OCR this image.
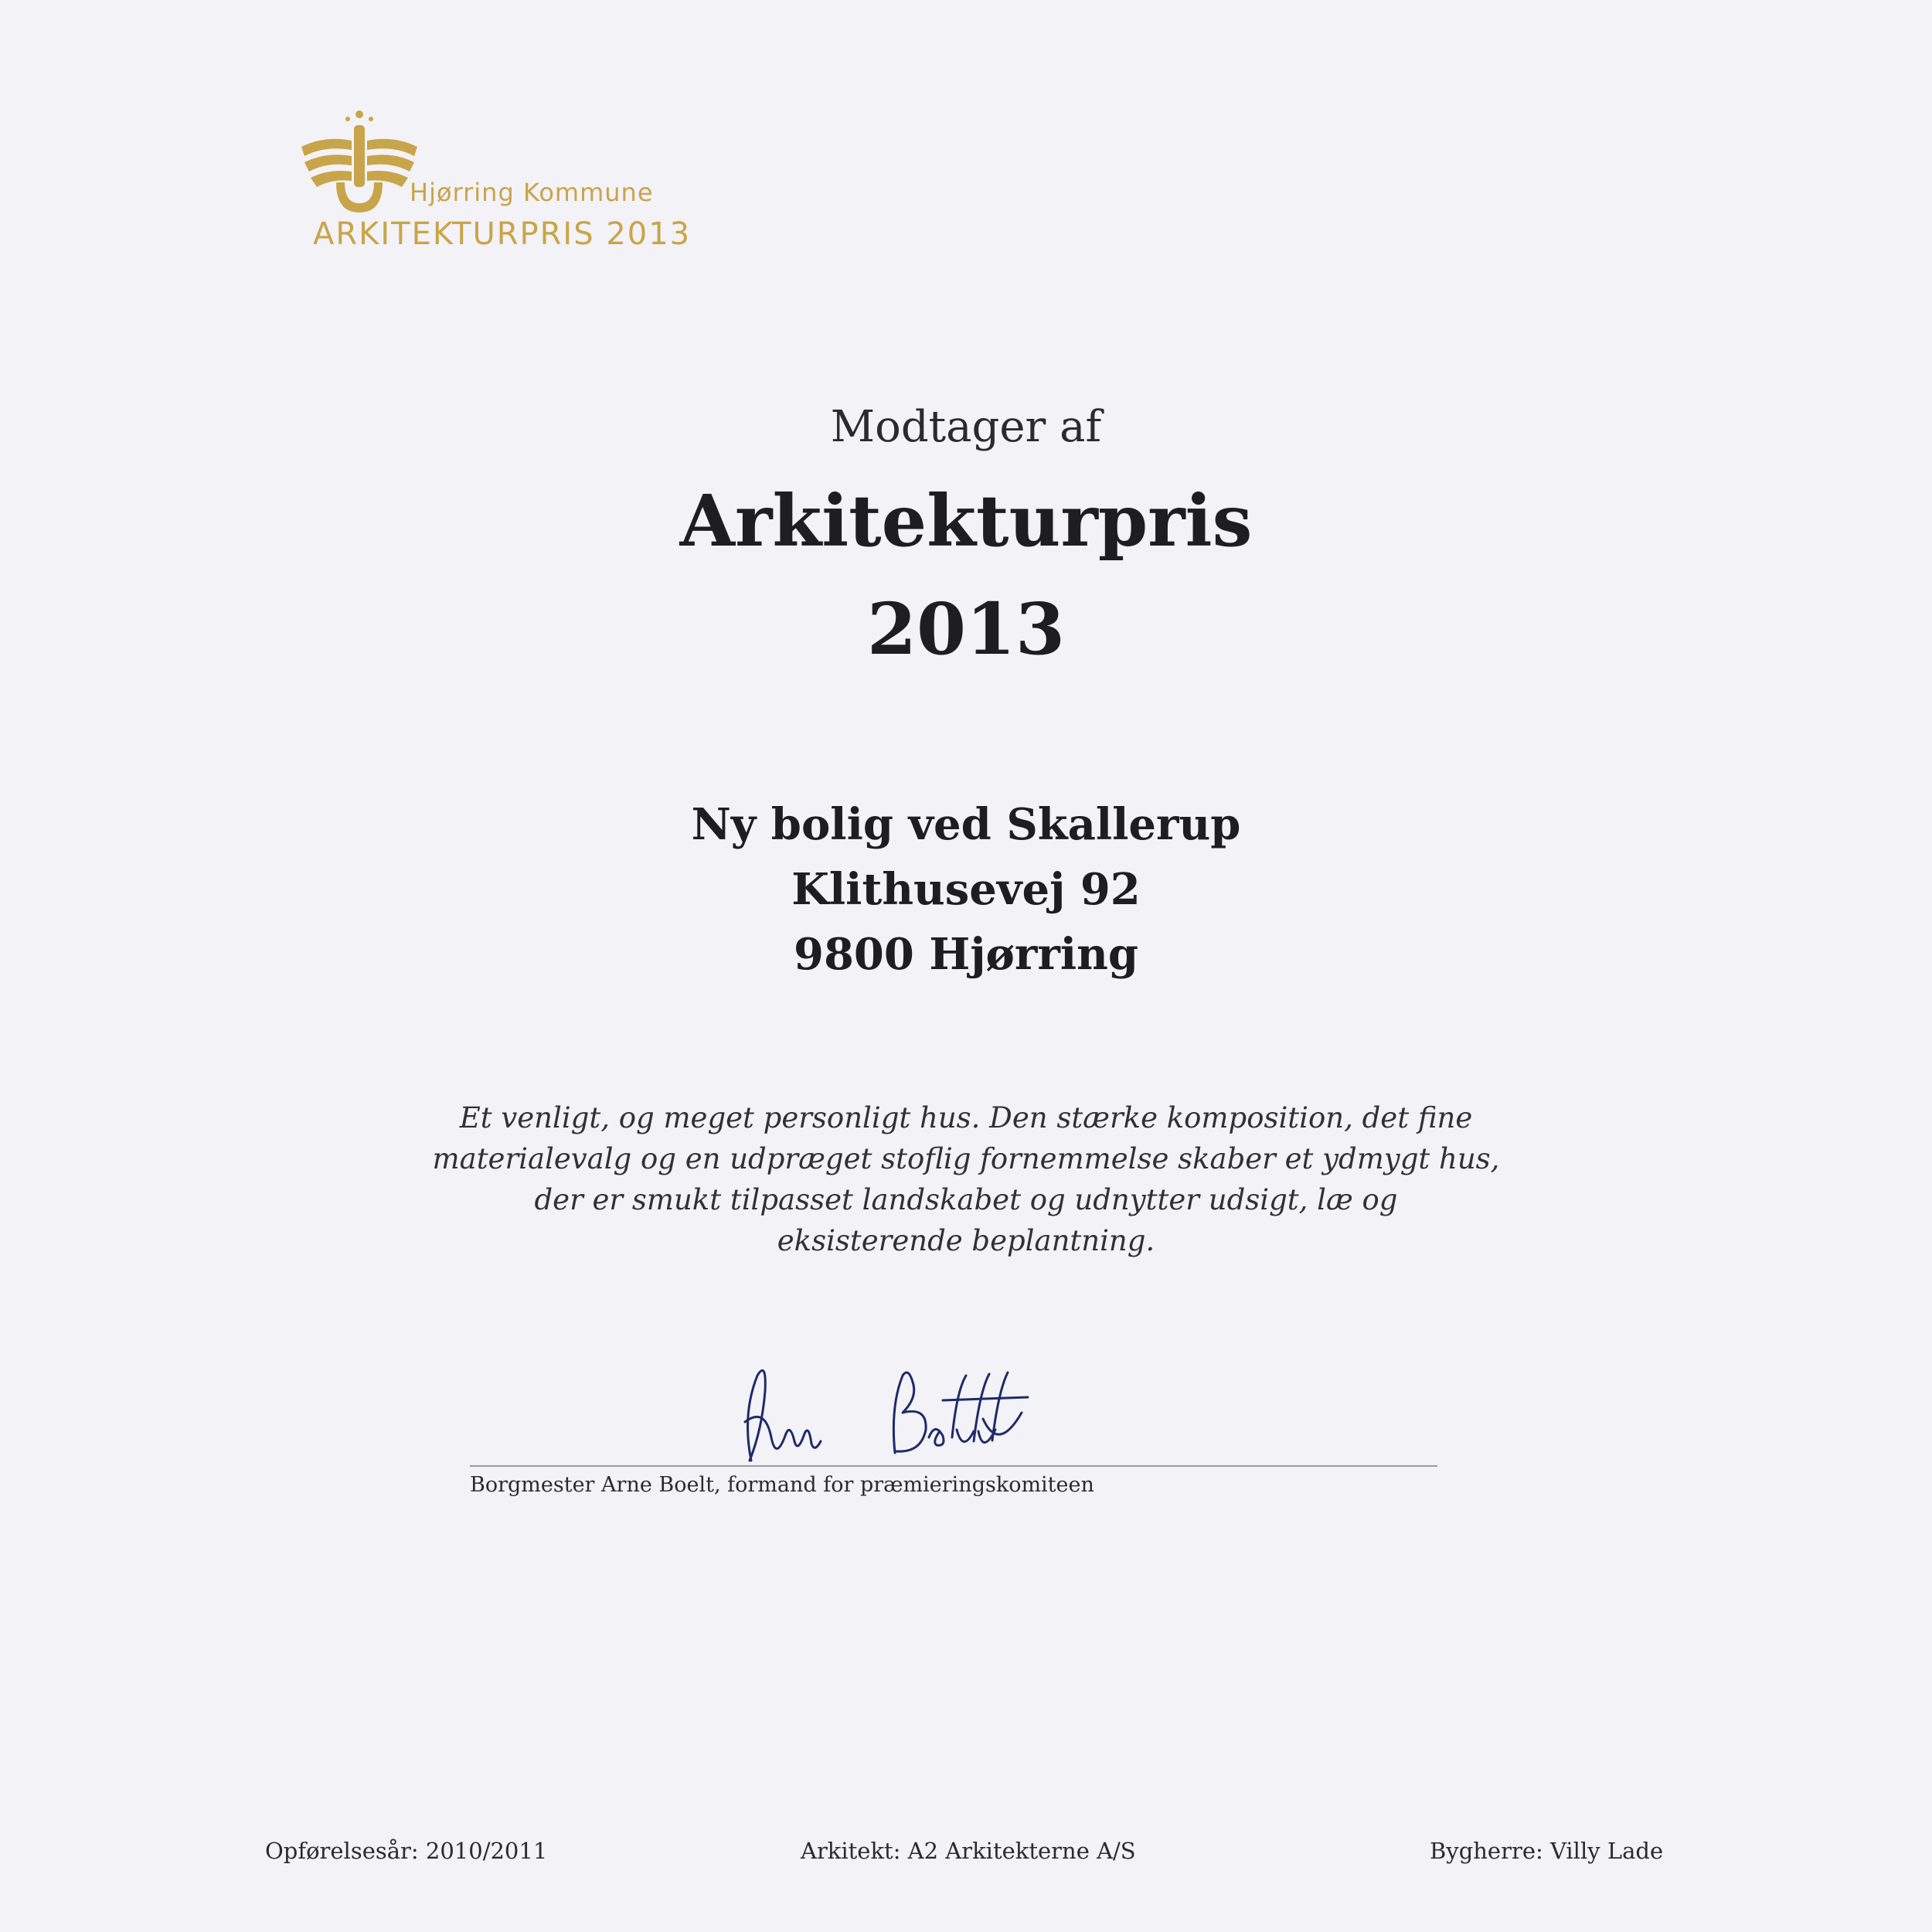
Hjørring Kommune
ARKITEKTURPRIS 2013
Modtager af
Arkitekturpris
2013
Ny bolig ved Skallerup
Klithusevej 92
9800 Hjørring
Et venligt, og meget personligt hus. Den stærke komposition, det fine
materialevalg og en udpræget stoflig fornemmelse skaber et ydmygt hus,
der er smukt tilpasset landskabet og udnytter udsigt, læ og
eksisterende beplantning.
Borgmester Arne Boelt, formand for præmieringskomiteen
Opførelsesår: 2010/2011	Arkitekt: A2 Arkitekterne A/S	Bygherre: Villy Lade
